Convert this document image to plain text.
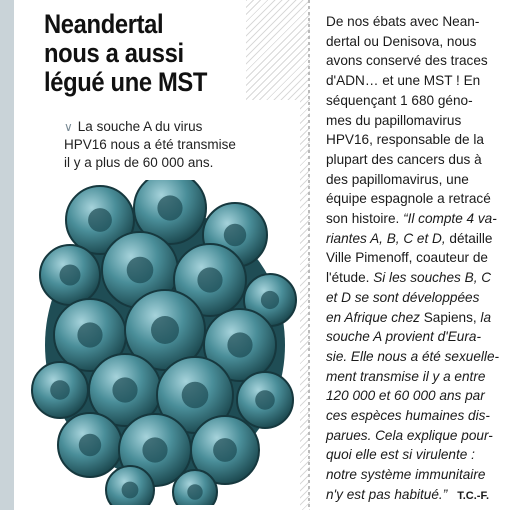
Neandertal
nous a aussi
légué une MST
∨ La souche A du virus
HPV16 nous a été transmise
il y a plus de 60 000 ans.
De nos ébats avec Nean-
dertal ou Denisova, nous
avons conservé des traces
d'ADN… et une MST ! En
séquençant 1 680 géno-
mes du papillomavirus
HPV16, responsable de la
plupart des cancers dus à
des papillomavirus, une
équipe espagnole a retracé
son histoire. “Il compte 4 va-
riantes A, B, C et D, détaille
Ville Pimenoff, coauteur de
l'étude. Si les souches B, C
et D se sont développées
en Afrique chez Sapiens, la
souche A provient d'Eura-
sie. Elle nous a été sexuelle-
ment transmise il y a entre
120 000 et 60 000 ans par
ces espèces humaines dis-
parues. Cela explique pour-
quoi elle est si virulente :
notre système immunitaire
n'y est pas habitué.” T.C.-F.
